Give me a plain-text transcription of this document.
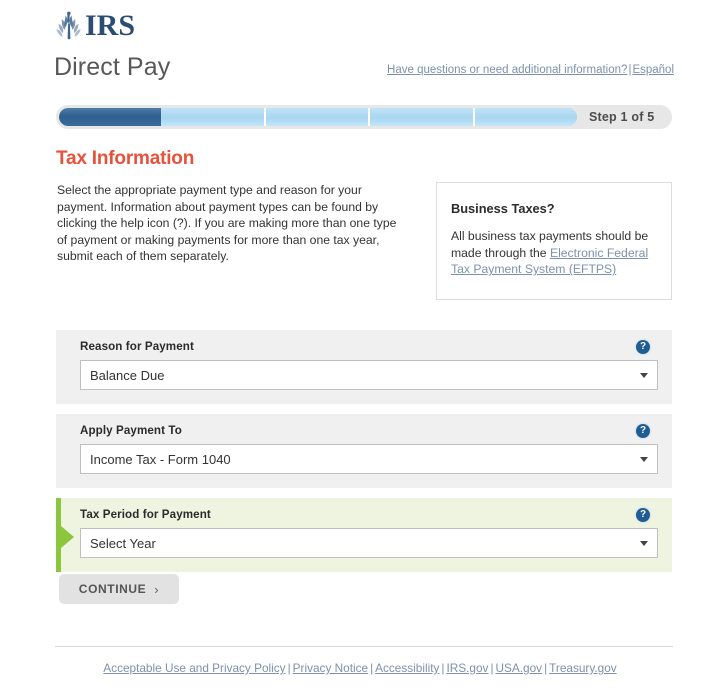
IRS
Direct Pay	Have questions or need additional information?|Español
Step 1 of 5
Tax Information
Select the appropriate payment type and reason for your payment. Information about payment types can be found by clicking the help icon (?). If you are making more than one type of payment or making payments for more than one tax year, submit each of them separately.
Business Taxes?

All business tax payments should be made through the Electronic Federal Tax Payment System (EFTPS)

Reason for Payment	?
Balance Due
Apply Payment To	?
Income Tax - Form 1040
Tax Period for Payment	?
Select Year
CONTINUE ›
Acceptable Use and Privacy Policy | Privacy Notice | Accessibility | IRS.gov | USA.gov | Treasury.gov
